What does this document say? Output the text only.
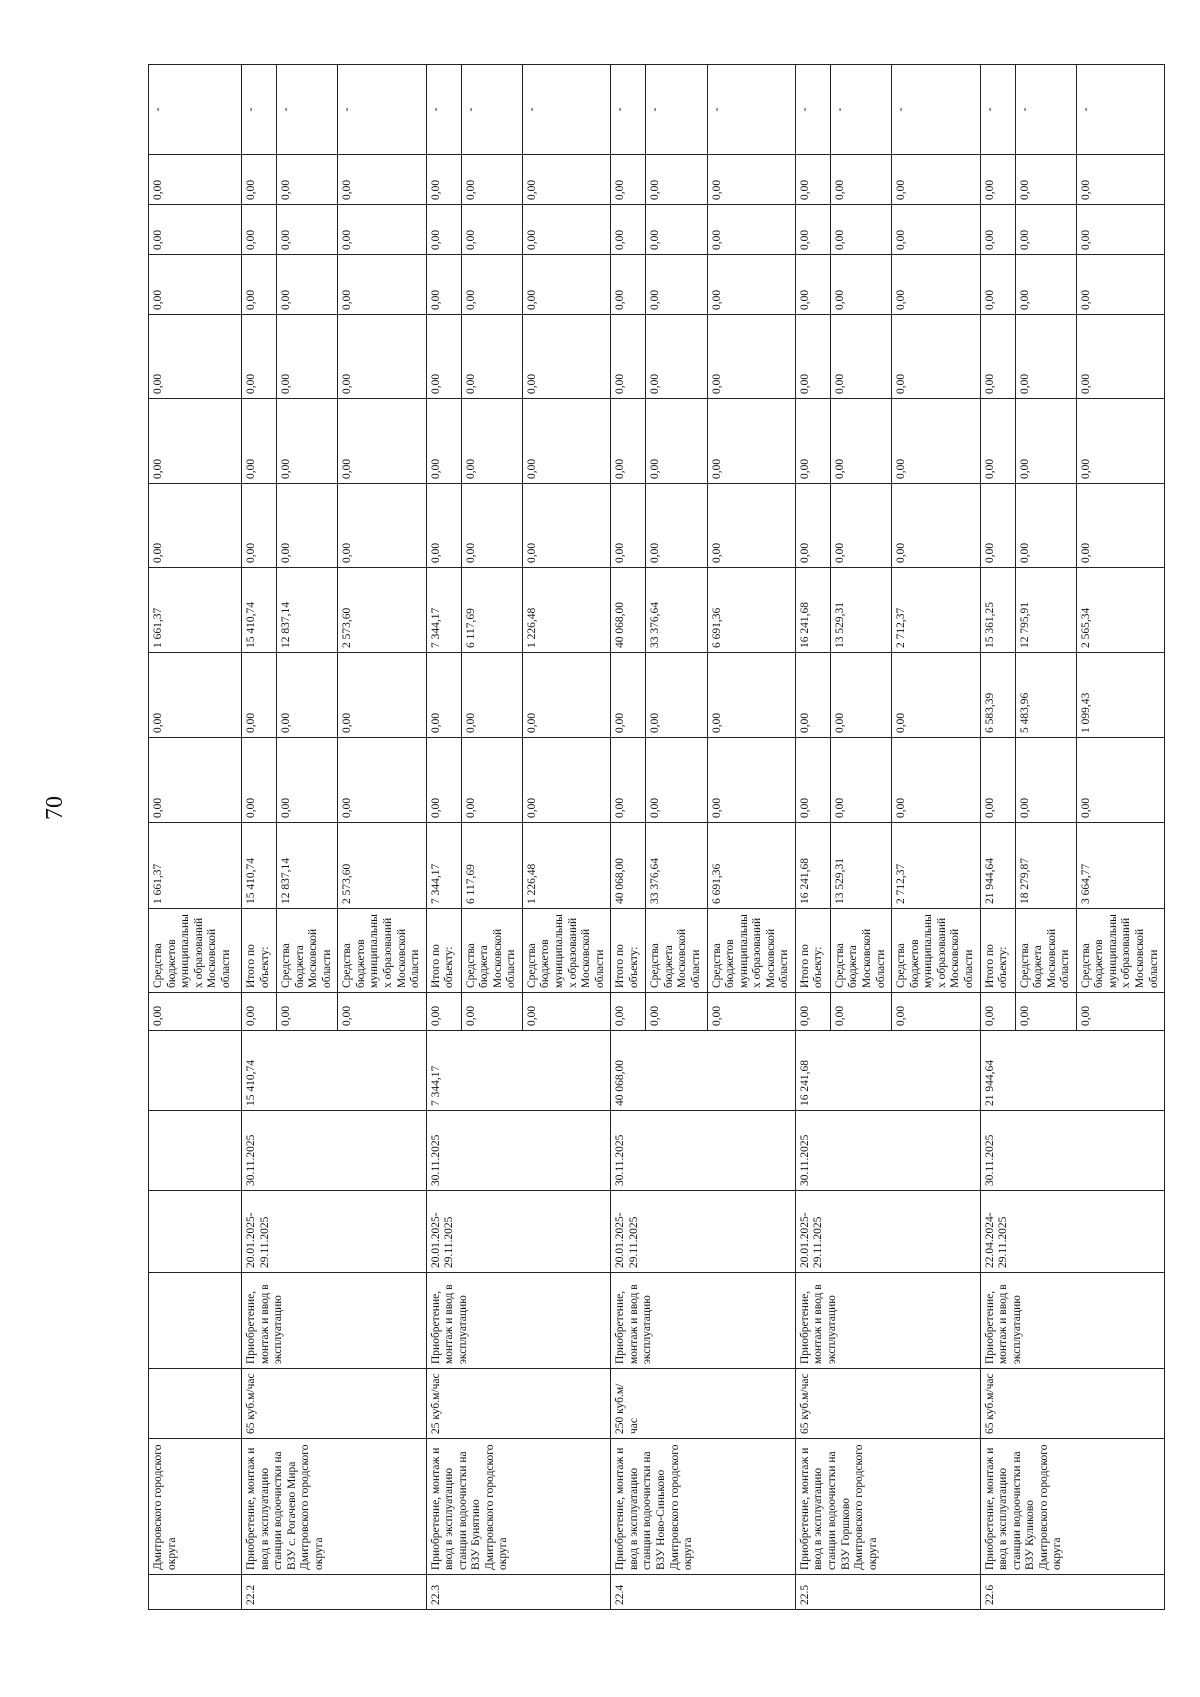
70
	Дмитровского городского округа						0,00	Средства бюджетов муниципальных образований Московской области	1 661,37	0,00	0,00	1 661,37	0,00	0,00	0,00	0,00	0,00	0,00	-
22.2	Приобретение, монтаж и ввод в эксплуатацию станции водоочистки на ВЗУ с. Рогачево Мира Дмитровского городского округа	65 куб.м/час	Приобретение, монтаж и ввод в эксплуатацию	20.01.2025-29.11.2025	30.11.2025	15 410,74	0,00	Итого по объекту:	15 410,74	0,00	0,00	15 410,74	0,00	0,00	0,00	0,00	0,00	0,00	-
							0,00	Средства бюджета Московской области	12 837,14	0,00	0,00	12 837,14	0,00	0,00	0,00	0,00	0,00	0,00	-
							0,00	Средства бюджетов муниципальных образований Московской области	2 573,60	0,00	0,00	2 573,60	0,00	0,00	0,00	0,00	0,00	0,00	-
22.3	Приобретение, монтаж и ввод в эксплуатацию станции водоочистки на ВЗУ Бунятино Дмитровского городского округа	25 куб.м/час	Приобретение, монтаж и ввод в эксплуатацию	20.01.2025-29.11.2025	30.11.2025	7 344,17	0,00	Итого по объекту:	7 344,17	0,00	0,00	7 344,17	0,00	0,00	0,00	0,00	0,00	0,00	-
							0,00	Средства бюджета Московской области	6 117,69	0,00	0,00	6 117,69	0,00	0,00	0,00	0,00	0,00	0,00	-
							0,00	Средства бюджетов муниципальных образований Московской области	1 226,48	0,00	0,00	1 226,48	0,00	0,00	0,00	0,00	0,00	0,00	-
22.4	Приобретение, монтаж и ввод в эксплуатацию станции водоочистки на ВЗУ Ново-Синьково Дмитровского городского округа	250 куб.м/час	Приобретение, монтаж и ввод в эксплуатацию	20.01.2025-29.11.2025	30.11.2025	40 068,00	0,00	Итого по объекту:	40 068,00	0,00	0,00	40 068,00	0,00	0,00	0,00	0,00	0,00	0,00	-
							0,00	Средства бюджета Московской области	33 376,64	0,00	0,00	33 376,64	0,00	0,00	0,00	0,00	0,00	0,00	-
							0,00	Средства бюджетов муниципальных образований Московской области	6 691,36	0,00	0,00	6 691,36	0,00	0,00	0,00	0,00	0,00	0,00	-
22.5	Приобретение, монтаж и ввод в эксплуатацию станции водоочистки на ВЗУ Горшково Дмитровского городского округа	65 куб.м/час	Приобретение, монтаж и ввод в эксплуатацию	20.01.2025-29.11.2025	30.11.2025	16 241,68	0,00	Итого по объекту:	16 241,68	0,00	0,00	16 241,68	0,00	0,00	0,00	0,00	0,00	0,00	-
							0,00	Средства бюджета Московской области	13 529,31	0,00	0,00	13 529,31	0,00	0,00	0,00	0,00	0,00	0,00	-
							0,00	Средства бюджетов муниципальных образований Московской области	2 712,37	0,00	0,00	2 712,37	0,00	0,00	0,00	0,00	0,00	0,00	-
22.6	Приобретение, монтаж и ввод в эксплуатацию станции водоочистки на ВЗУ Куликово Дмитровского городского округа	65 куб.м/час	Приобретение, монтаж и ввод в эксплуатацию	22.04.2024-29.11.2025	30.11.2025	21 944,64	0,00	Итого по объекту:	21 944,64	0,00	6 583,39	15 361,25	0,00	0,00	0,00	0,00	0,00	0,00	-
							0,00	Средства бюджета Московской области	18 279,87	0,00	5 483,96	12 795,91	0,00	0,00	0,00	0,00	0,00	0,00	-
							0,00	Средства бюджетов муниципальных образований Московской области	3 664,77	0,00	1 099,43	2 565,34	0,00	0,00	0,00	0,00	0,00	0,00	-
